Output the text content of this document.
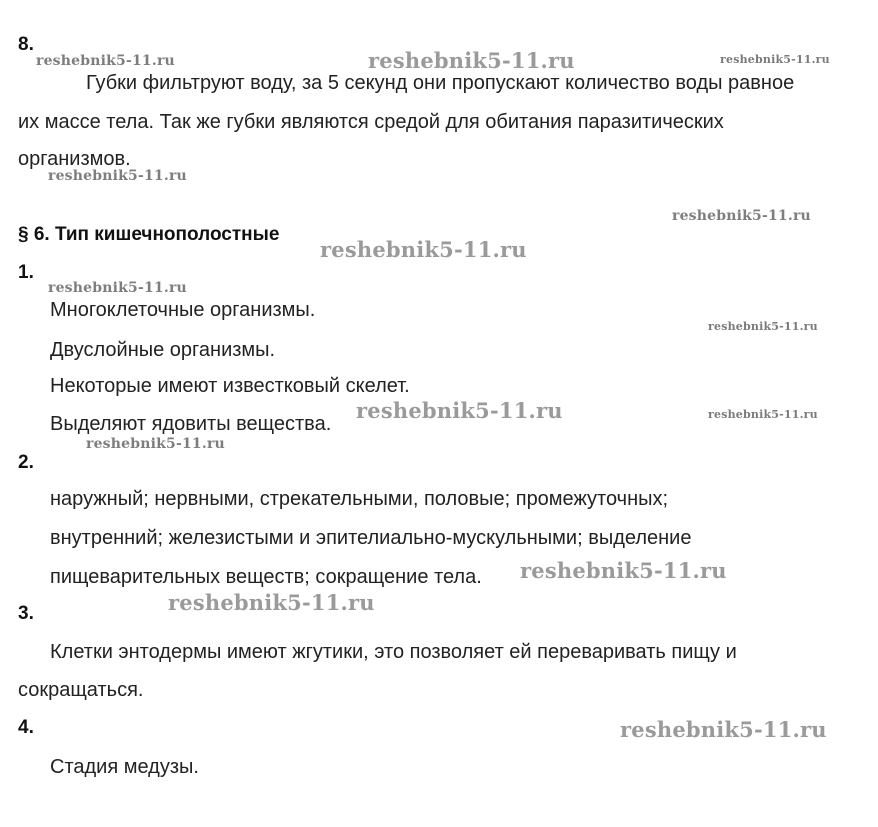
8.
Губки фильтруют воду, за 5 секунд они пропускают количество воды равное
их массе тела. Так же губки являются средой для обитания паразитических
организмов.
§ 6. Тип кишечнополостные
1.
Многоклеточные организмы.
Двуслойные организмы.
Некоторые имеют известковый скелет.
Выделяют ядовиты вещества.
2.
наружный; нервными, стрекательными, половые; промежуточных;
внутренний; железистыми и эпителиально-мускульными; выделение
пищеварительных веществ; сокращение тела.
3.
Клетки энтодермы имеют жгутики, это позволяет ей переваривать пищу и
сокращаться.
4.
Стадия медузы.
reshebnik5-11.ru	reshebnik5-11.ru	reshebnik5-11.ru
reshebnik5-11.ru
reshebnik5-11.ru
reshebnik5-11.ru
reshebnik5-11.ru
reshebnik5-11.ru
reshebnik5-11.ru	reshebnik5-11.ru
reshebnik5-11.ru
reshebnik5-11.ru
reshebnik5-11.ru
reshebnik5-11.ru
